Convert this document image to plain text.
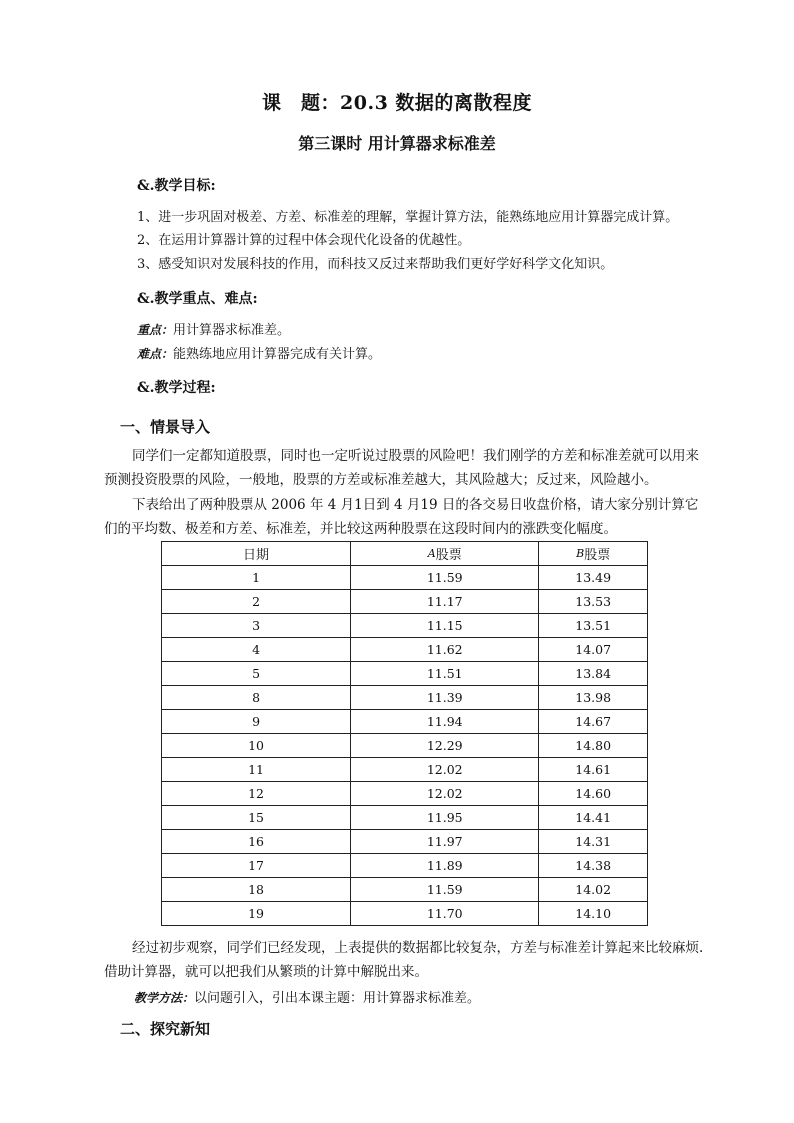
课　题：20.3 数据的离散程度
第三课时 用计算器求标准差
&.教学目标:
1、进一步巩固对极差、方差、标准差的理解，掌握计算方法，能熟练地应用计算器完成计算。
2、在运用计算器计算的过程中体会现代化设备的优越性。
3、感受知识对发展科技的作用，而科技又反过来帮助我们更好学好科学文化知识。
&.教学重点、难点:
重点：用计算器求标准差。
难点：能熟练地应用计算器完成有关计算。
&.教学过程:
一、情景导入
同学们一定都知道股票，同时也一定听说过股票的风险吧！我们刚学的方差和标准差就可以用来预测投资股票的风险，一般地，股票的方差或标准差越大，其风险越大；反过来，风险越小。
下表给出了两种股票从 2006 年 4 月1日到 4 月19 日的各交易日收盘价格，请大家分别计算它们的平均数、极差和方差、标准差，并比较这两种股票在这段时间内的涨跌变化幅度。
日期	A股票	B股票
1	11.59	13.49
2	11.17	13.53
3	11.15	13.51
4	11.62	14.07
5	11.51	13.84
8	11.39	13.98
9	11.94	14.67
10	12.29	14.80
11	12.02	14.61
12	12.02	14.60
15	11.95	14.41
16	11.97	14.31
17	11.89	14.38
18	11.59	14.02
19	11.70	14.10
经过初步观察，同学们已经发现，上表提供的数据都比较复杂，方差与标准差计算起来比较麻烦. 借助计算器，就可以把我们从繁琐的计算中解脱出来。
教学方法：以问题引入，引出本课主题：用计算器求标准差。
二、探究新知
